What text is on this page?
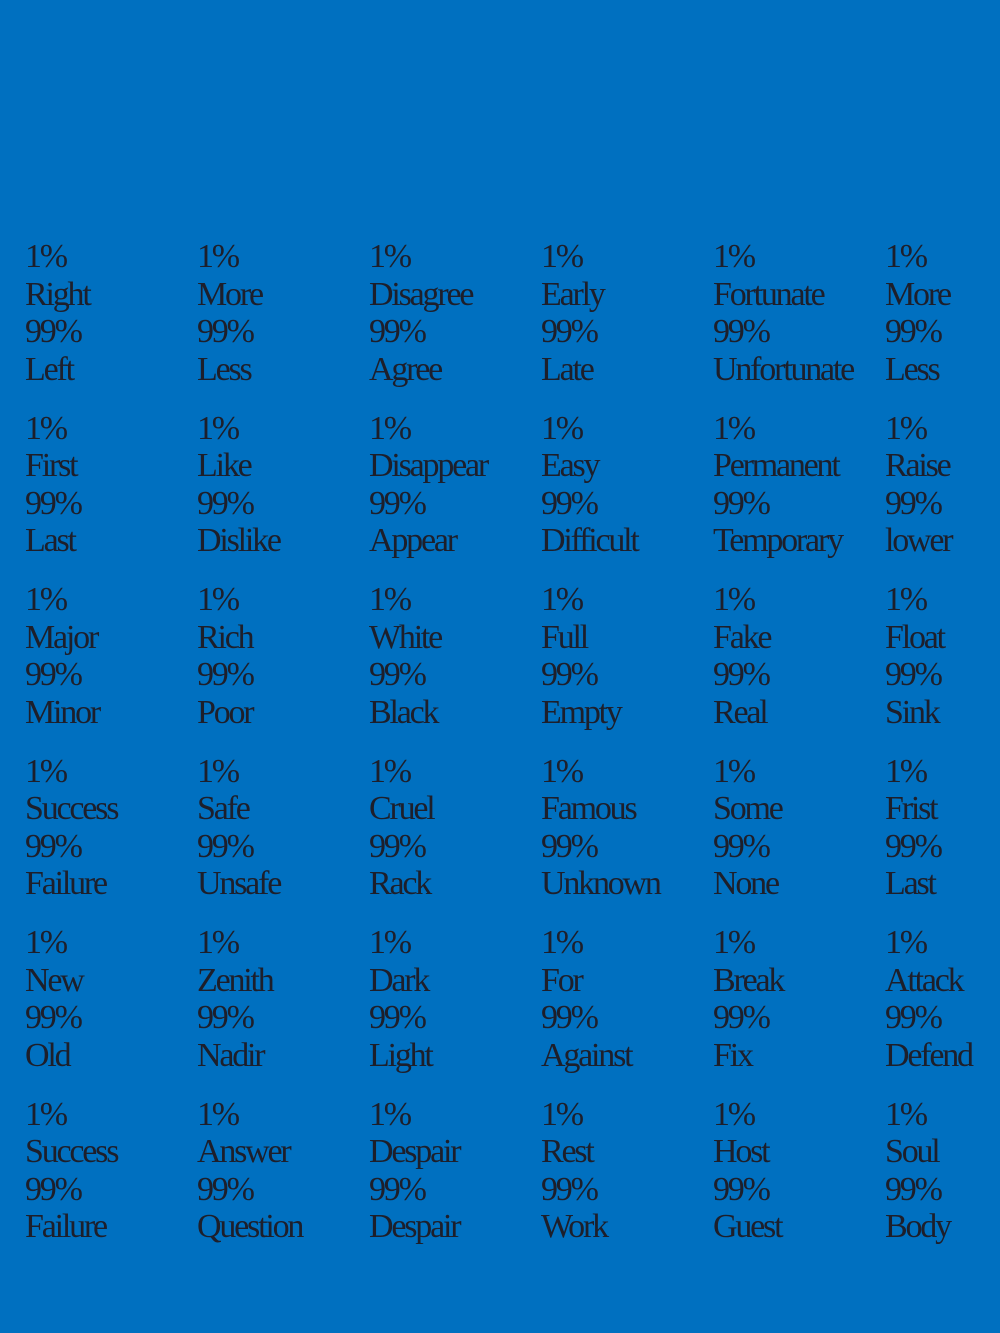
1%
Right
99%
Left
1%
More
99%
Less
1%
Disagree
99%
Agree
1%
Early
99%
Late
1%
Fortunate
99%
Unfortunate
1%
More
99%
Less
1%
First
99%
Last
1%
Like
99%
Dislike
1%
Disappear
99%
Appear
1%
Easy
99%
Difficult
1%
Permanent
99%
Temporary
1%
Raise
99%
lower
1%
Major
99%
Minor
1%
Rich
99%
Poor
1%
White
99%
Black
1%
Full
99%
Empty
1%
Fake
99%
Real
1%
Float
99%
Sink
1%
Success
99%
Failure
1%
Safe
99%
Unsafe
1%
Cruel
99%
Rack
1%
Famous
99%
Unknown
1%
Some
99%
None
1%
Frist
99%
Last
1%
New
99%
Old
1%
Zenith
99%
Nadir
1%
Dark
99%
Light
1%
For
99%
Against
1%
Break
99%
Fix
1%
Attack
99%
Defend
1%
Success
99%
Failure
1%
Answer
99%
Question
1%
Despair
99%
Despair
1%
Rest
99%
Work
1%
Host
99%
Guest
1%
Soul
99%
Body
